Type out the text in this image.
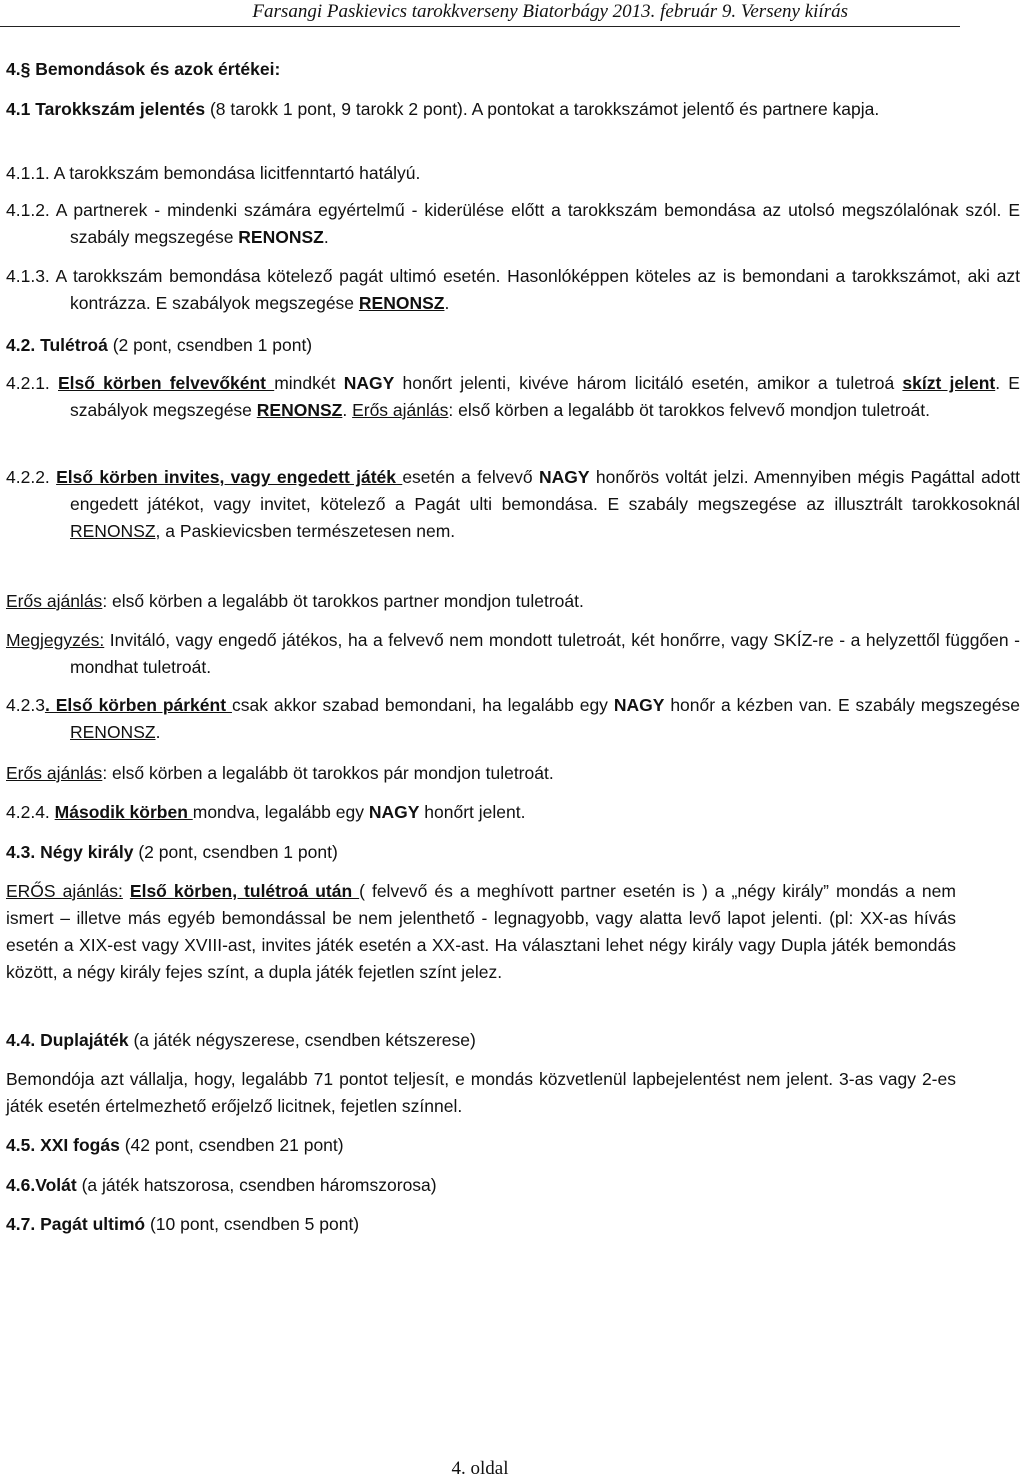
Farsangi Paskievics tarokkverseny Biatorbágy 2013. február 9. Verseny kiírás

4.§ Bemondások és azok értékei:

4.1 Tarokkszám jelentés (8 tarokk 1 pont, 9 tarokk 2 pont). A pontokat a tarokkszámot jelentő és partnere kapja.

4.1.1. A tarokkszám bemondása licitfenntartó hatályú.

4.1.2. A partnerek - mindenki számára egyértelmű - kiderülése előtt a tarokkszám bemondása az utolsó megszólalónak szól. E szabály megszegése RENONSZ.

4.1.3. A tarokkszám bemondása kötelező pagát ultimó esetén. Hasonlóképpen köteles az is bemondani a tarokkszámot, aki azt kontrázza. E szabályok megszegése RENONSZ.

4.2. Tulétroá (2 pont, csendben 1 pont)

4.2.1. Első körben felvevőként mindkét NAGY honőrt jelenti, kivéve három licitáló esetén, amikor a tuletroá skízt jelent. E szabályok megszegése RENONSZ. Erős ajánlás: első körben a legalább öt tarokkos felvevő mondjon tuletroát.

4.2.2. Első körben invites, vagy engedett játék esetén a felvevő NAGY honőrös voltát jelzi. Amennyiben mégis Pagáttal adott engedett játékot, vagy invitet, kötelező a Pagát ulti bemondása. E szabály megszegése az illusztrált tarokkosoknál RENONSZ, a Paskievicsben természetesen nem.

Erős ajánlás: első körben a legalább öt tarokkos partner mondjon tuletroát.

Megjegyzés: Invitáló, vagy engedő játékos, ha a felvevő nem mondott tuletroát, két honőrre, vagy SKÍZ-re - a helyzettől függően - mondhat tuletroát.

4.2.3. Első körben párként csak akkor szabad bemondani, ha legalább egy NAGY honőr a kézben van. E szabály megszegése RENONSZ.

Erős ajánlás: első körben a legalább öt tarokkos pár mondjon tuletroát.

4.2.4. Második körben mondva, legalább egy NAGY honőrt jelent.

4.3. Négy király (2 pont, csendben 1 pont)

ERŐS ajánlás: Első körben, tulétroá után ( felvevő és a meghívott partner esetén is ) a „négy király” mondás a nem ismert – illetve más egyéb bemondással be nem jelenthető - legnagyobb, vagy alatta levő lapot jelenti. (pl: XX-as hívás esetén a XIX-est vagy XVIII-ast, invites játék esetén a XX-ast. Ha választani lehet négy király vagy Dupla játék bemondás között, a négy király fejes színt, a dupla játék fejetlen színt jelez.

4.4. Duplajáték (a játék négyszerese, csendben kétszerese)

Bemondója azt vállalja, hogy, legalább 71 pontot teljesít, e mondás közvetlenül lapbejelentést nem jelent. 3-as vagy 2-es játék esetén értelmezhető erőjelző licitnek, fejetlen színnel.

4.5. XXI fogás (42 pont, csendben 21 pont)

4.6.Volát (a játék hatszorosa, csendben háromszorosa)

4.7. Pagát ultimó (10 pont, csendben 5 pont)

4. oldal
